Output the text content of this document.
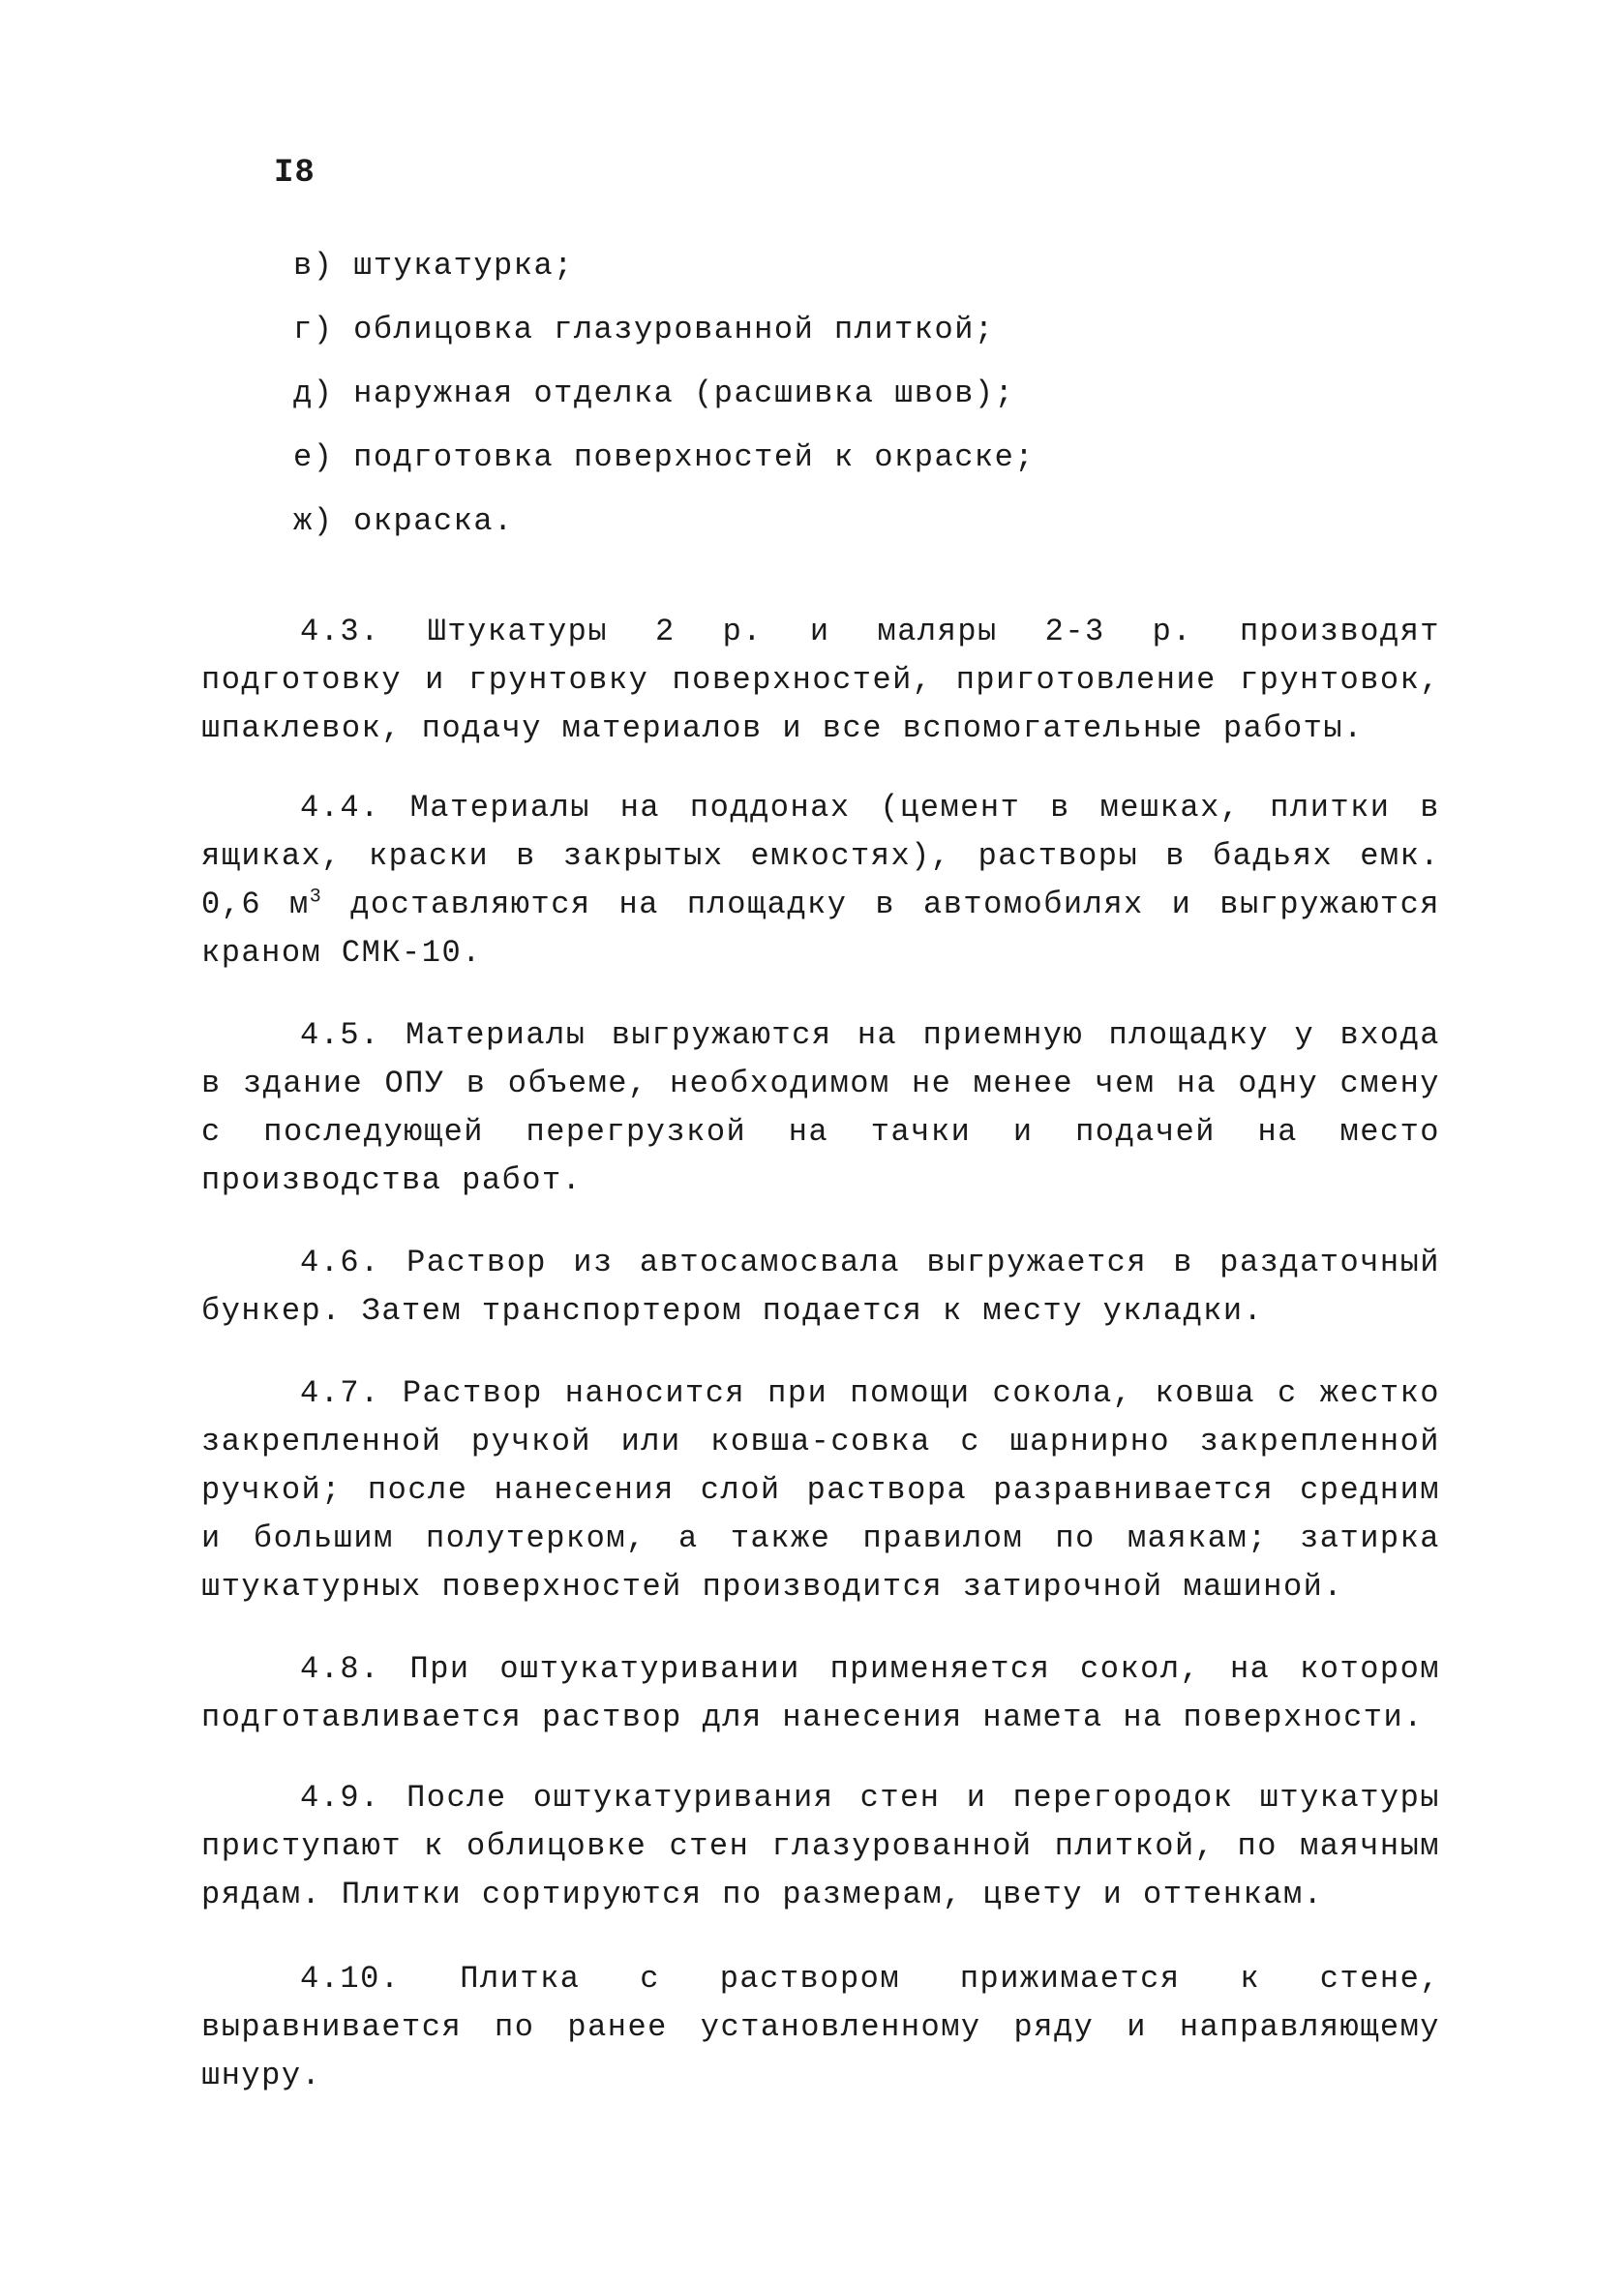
I8
в) штукатурка;
г) облицовка глазурованной плиткой;
д) наружная отделка (расшивка швов);
е) подготовка поверхностей к окраске;
ж) окраска.

4.3. Штукатуры 2 р. и маляры 2-3 р. производят подготовку и грунтовку поверхностей, приготовление грунтовок, шпаклевок, подачу материалов и все вспомогательные работы.

4.4. Материалы на поддонах (цемент в мешках, плитки в ящиках, краски в закрытых емкостях), растворы в бадьях емк. 0,6 $м^3$ доставляются на площадку в автомобилях и выгружаются краном СМК-10.

4.5. Материалы выгружаются на приемную площадку у входа в здание ОПУ в объеме, необходимом не менее чем на одну смену с последующей перегрузкой на тачки и подачей на место производства работ.

4.6. Раствор из автосамосвала выгружается в раздаточный бункер. Затем транспортером подается к месту укладки.

4.7. Раствор наносится при помощи сокола, ковша с жестко закрепленной ручкой или ковша-совка с шарнирно закрепленной ручкой; после нанесения слой раствора разравнивается средним и большим полутерком, а также правилом по маякам; затирка штукатурных поверхностей производится затирочной машиной.

4.8. При оштукатуривании применяется сокол, на котором подготавливается раствор для нанесения намета на поверхности.

4.9. После оштукатуривания стен и перегородок штукатуры приступают к облицовке стен глазурованной плиткой, по маячным рядам. Плитки сортируются по размерам, цвету и оттенкам.

4.10. Плитка с раствором прижимается к стене, выравнивается по ранее установленному ряду и направляющему шнуру.
